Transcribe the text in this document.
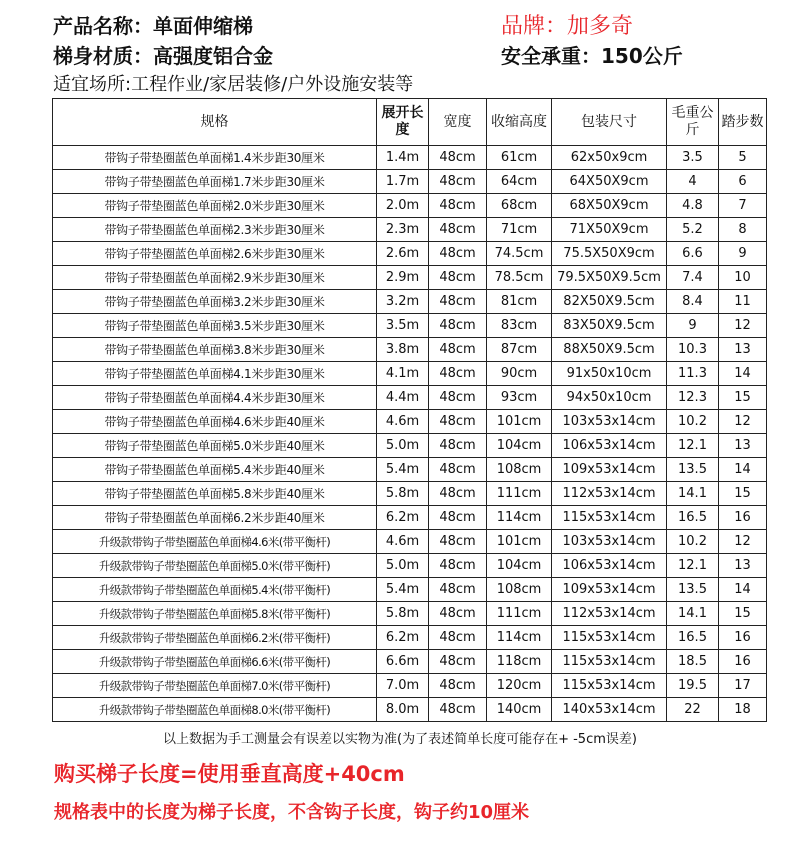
产品名称：单面伸缩梯	品牌：加多奇
梯身材质：高强度铝合金	安全承重：150公斤
适宜场所:工程作业/家居装修/户外设施安装等
规格	展开长度	宽度	收缩高度	包装尺寸	毛重公斤	踏步数
带钩子带垫圈蓝色单面梯1.4米步距30厘米	1.4m	48cm	61cm	62x50x9cm	3.5	5
带钩子带垫圈蓝色单面梯1.7米步距30厘米	1.7m	48cm	64cm	64X50X9cm	4	6
带钩子带垫圈蓝色单面梯2.0米步距30厘米	2.0m	48cm	68cm	68X50X9cm	4.8	7
带钩子带垫圈蓝色单面梯2.3米步距30厘米	2.3m	48cm	71cm	71X50X9cm	5.2	8
带钩子带垫圈蓝色单面梯2.6米步距30厘米	2.6m	48cm	74.5cm	75.5X50X9cm	6.6	9
带钩子带垫圈蓝色单面梯2.9米步距30厘米	2.9m	48cm	78.5cm	79.5X50X9.5cm	7.4	10
带钩子带垫圈蓝色单面梯3.2米步距30厘米	3.2m	48cm	81cm	82X50X9.5cm	8.4	11
带钩子带垫圈蓝色单面梯3.5米步距30厘米	3.5m	48cm	83cm	83X50X9.5cm	9	12
带钩子带垫圈蓝色单面梯3.8米步距30厘米	3.8m	48cm	87cm	88X50X9.5cm	10.3	13
带钩子带垫圈蓝色单面梯4.1米步距30厘米	4.1m	48cm	90cm	91x50x10cm	11.3	14
带钩子带垫圈蓝色单面梯4.4米步距30厘米	4.4m	48cm	93cm	94x50x10cm	12.3	15
带钩子带垫圈蓝色单面梯4.6米步距40厘米	4.6m	48cm	101cm	103x53x14cm	10.2	12
带钩子带垫圈蓝色单面梯5.0米步距40厘米	5.0m	48cm	104cm	106x53x14cm	12.1	13
带钩子带垫圈蓝色单面梯5.4米步距40厘米	5.4m	48cm	108cm	109x53x14cm	13.5	14
带钩子带垫圈蓝色单面梯5.8米步距40厘米	5.8m	48cm	111cm	112x53x14cm	14.1	15
带钩子带垫圈蓝色单面梯6.2米步距40厘米	6.2m	48cm	114cm	115x53x14cm	16.5	16
升级款带钩子带垫圈蓝色单面梯4.6米(带平衡杆)	4.6m	48cm	101cm	103x53x14cm	10.2	12
升级款带钩子带垫圈蓝色单面梯5.0米(带平衡杆)	5.0m	48cm	104cm	106x53x14cm	12.1	13
升级款带钩子带垫圈蓝色单面梯5.4米(带平衡杆)	5.4m	48cm	108cm	109x53x14cm	13.5	14
升级款带钩子带垫圈蓝色单面梯5.8米(带平衡杆)	5.8m	48cm	111cm	112x53x14cm	14.1	15
升级款带钩子带垫圈蓝色单面梯6.2米(带平衡杆)	6.2m	48cm	114cm	115x53x14cm	16.5	16
升级款带钩子带垫圈蓝色单面梯6.6米(带平衡杆)	6.6m	48cm	118cm	115x53x14cm	18.5	16
升级款带钩子带垫圈蓝色单面梯7.0米(带平衡杆)	7.0m	48cm	120cm	115x53x14cm	19.5	17
升级款带钩子带垫圈蓝色单面梯8.0米(带平衡杆)	8.0m	48cm	140cm	140x53x14cm	22	18
以上数据为手工测量会有误差以实物为准(为了表述简单长度可能存在+ -5cm误差)
购买梯子长度=使用垂直高度+40cm
规格表中的长度为梯子长度，不含钩子长度，钩子约10厘米
